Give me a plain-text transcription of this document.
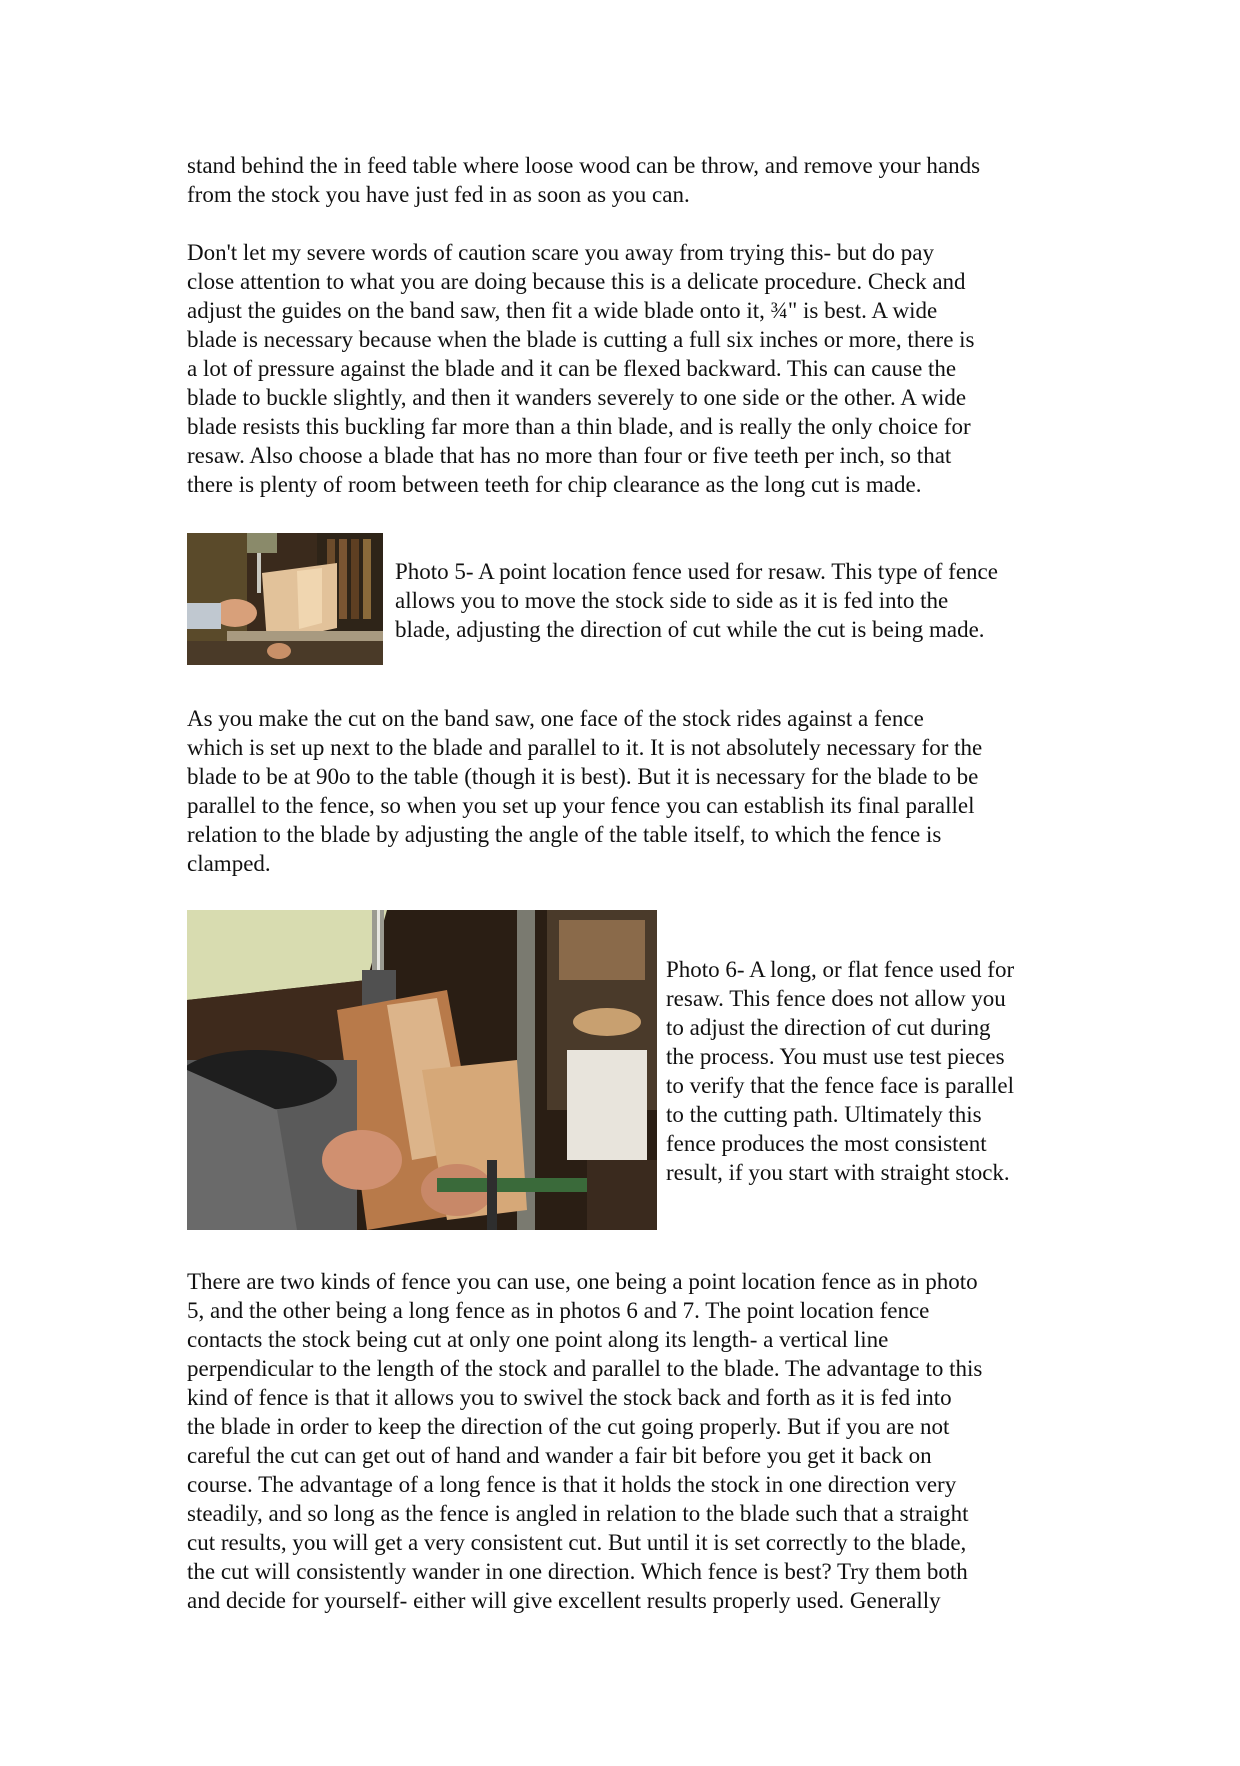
stand behind the in feed table where loose wood can be throw, and remove your hands
from the stock you have just fed in as soon as you can.

Don't let my severe words of caution scare you away from trying this- but do pay
close attention to what you are doing because this is a delicate procedure. Check and
adjust the guides on the band saw, then fit a wide blade onto it, ¾" is best. A wide
blade is necessary because when the blade is cutting a full six inches or more, there is
a lot of pressure against the blade and it can be flexed backward. This can cause the
blade to buckle slightly, and then it wanders severely to one side or the other. A wide
blade resists this buckling far more than a thin blade, and is really the only choice for
resaw. Also choose a blade that has no more than four or five teeth per inch, so that
there is plenty of room between teeth for chip clearance as the long cut is made.

Photo 5- A point location fence used for resaw. This type of fence
allows you to move the stock side to side as it is fed into the
blade, adjusting the direction of cut while the cut is being made.

As you make the cut on the band saw, one face of the stock rides against a fence
which is set up next to the blade and parallel to it. It is not absolutely necessary for the
blade to be at 90o to the table (though it is best). But it is necessary for the blade to be
parallel to the fence, so when you set up your fence you can establish its final parallel
relation to the blade by adjusting the angle of the table itself, to which the fence is
clamped.

Photo 6- A long, or flat fence used for
resaw. This fence does not allow you
to adjust the direction of cut during
the process. You must use test pieces
to verify that the fence face is parallel
to the cutting path. Ultimately this
fence produces the most consistent
result, if you start with straight stock.

There are two kinds of fence you can use, one being a point location fence as in photo
5, and the other being a long fence as in photos 6 and 7. The point location fence
contacts the stock being cut at only one point along its length- a vertical line
perpendicular to the length of the stock and parallel to the blade. The advantage to this
kind of fence is that it allows you to swivel the stock back and forth as it is fed into
the blade in order to keep the direction of the cut going properly. But if you are not
careful the cut can get out of hand and wander a fair bit before you get it back on
course. The advantage of a long fence is that it holds the stock in one direction very
steadily, and so long as the fence is angled in relation to the blade such that a straight
cut results, you will get a very consistent cut. But until it is set correctly to the blade,
the cut will consistently wander in one direction. Which fence is best? Try them both
and decide for yourself- either will give excellent results properly used. Generally
